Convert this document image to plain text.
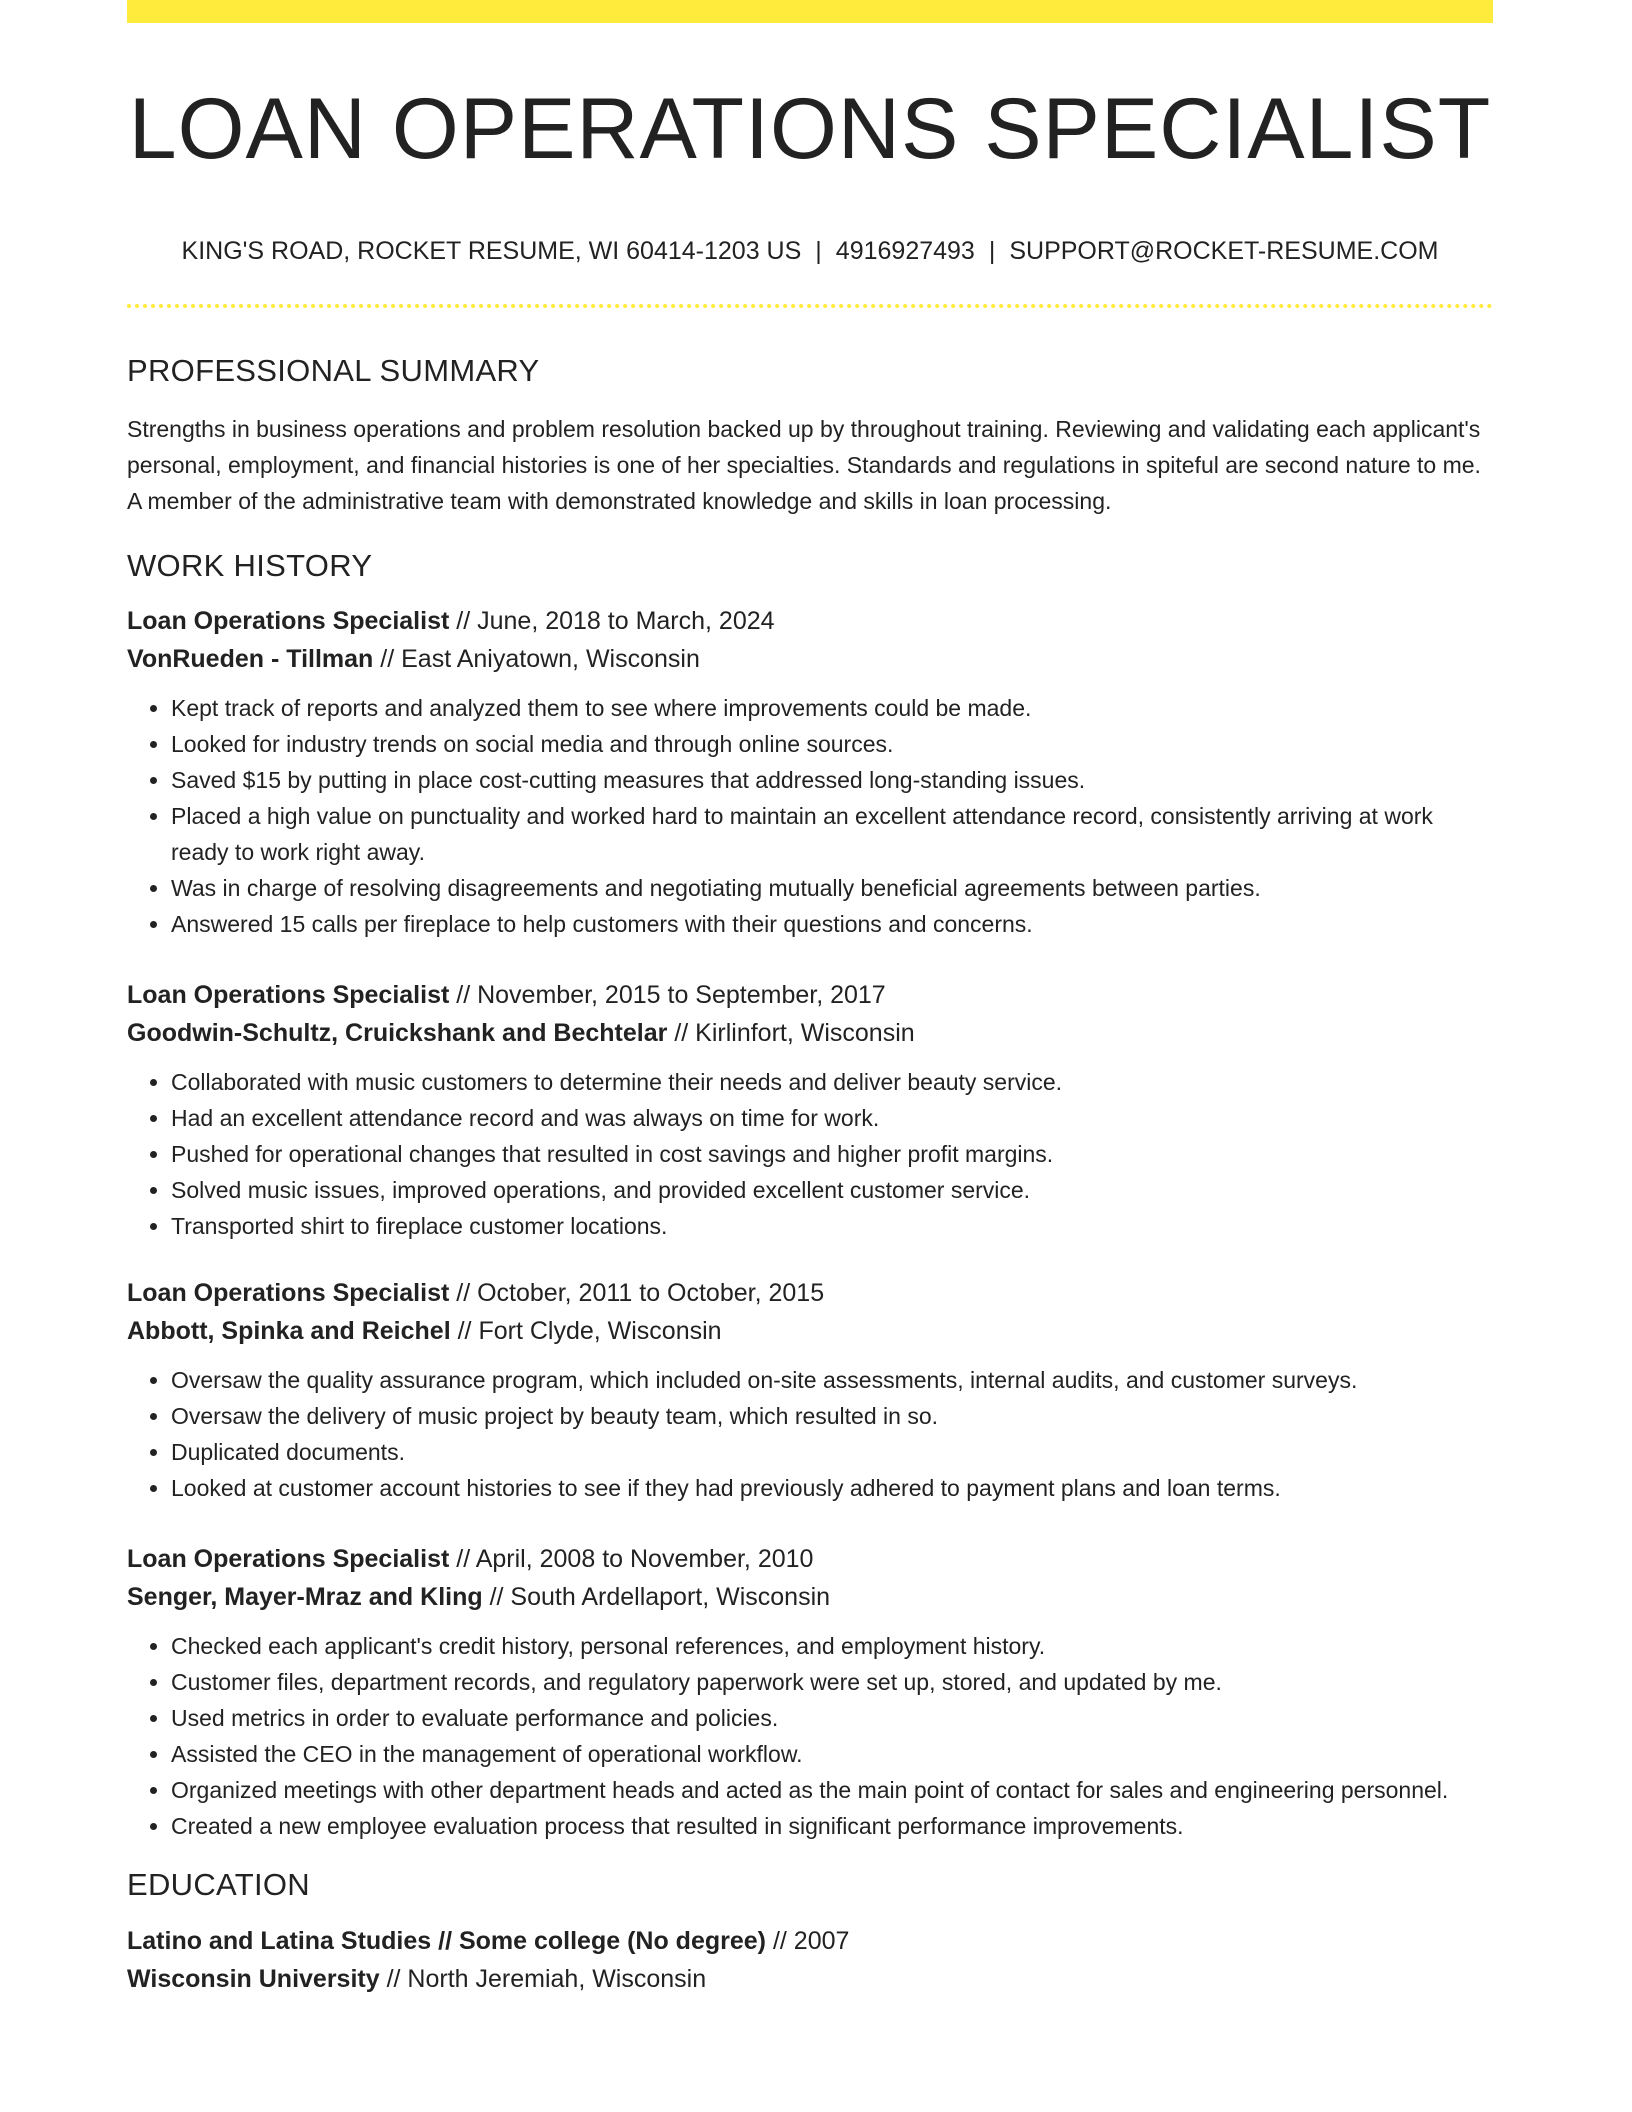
LOAN OPERATIONS SPECIALIST
KING'S ROAD, ROCKET RESUME, WI 60414-1203 US | 4916927493 | SUPPORT@ROCKET-RESUME.COM
PROFESSIONAL SUMMARY

Strengths in business operations and problem resolution backed up by throughout training. Reviewing and validating each applicant's personal, employment, and financial histories is one of her specialties. Standards and regulations in spiteful are second nature to me. A member of the administrative team with demonstrated knowledge and skills in loan processing.

WORK HISTORY
Loan Operations Specialist // June, 2018 to March, 2024
VonRueden - Tillman // East Aniyatown, Wisconsin
• Kept track of reports and analyzed them to see where improvements could be made.
• Looked for industry trends on social media and through online sources.
• Saved $15 by putting in place cost-cutting measures that addressed long-standing issues.
• Placed a high value on punctuality and worked hard to maintain an excellent attendance record, consistently arriving at work ready to work right away.
• Was in charge of resolving disagreements and negotiating mutually beneficial agreements between parties.
• Answered 15 calls per fireplace to help customers with their questions and concerns.
Loan Operations Specialist // November, 2015 to September, 2017
Goodwin-Schultz, Cruickshank and Bechtelar // Kirlinfort, Wisconsin
• Collaborated with music customers to determine their needs and deliver beauty service.
• Had an excellent attendance record and was always on time for work.
• Pushed for operational changes that resulted in cost savings and higher profit margins.
• Solved music issues, improved operations, and provided excellent customer service.
• Transported shirt to fireplace customer locations.
Loan Operations Specialist // October, 2011 to October, 2015
Abbott, Spinka and Reichel // Fort Clyde, Wisconsin
• Oversaw the quality assurance program, which included on-site assessments, internal audits, and customer surveys.
• Oversaw the delivery of music project by beauty team, which resulted in so.
• Duplicated documents.
• Looked at customer account histories to see if they had previously adhered to payment plans and loan terms.
Loan Operations Specialist // April, 2008 to November, 2010
Senger, Mayer-Mraz and Kling // South Ardellaport, Wisconsin
• Checked each applicant's credit history, personal references, and employment history.
• Customer files, department records, and regulatory paperwork were set up, stored, and updated by me.
• Used metrics in order to evaluate performance and policies.
• Assisted the CEO in the management of operational workflow.
• Organized meetings with other department heads and acted as the main point of contact for sales and engineering personnel.
• Created a new employee evaluation process that resulted in significant performance improvements.
EDUCATION
Latino and Latina Studies // Some college (No degree) // 2007
Wisconsin University // North Jeremiah, Wisconsin
